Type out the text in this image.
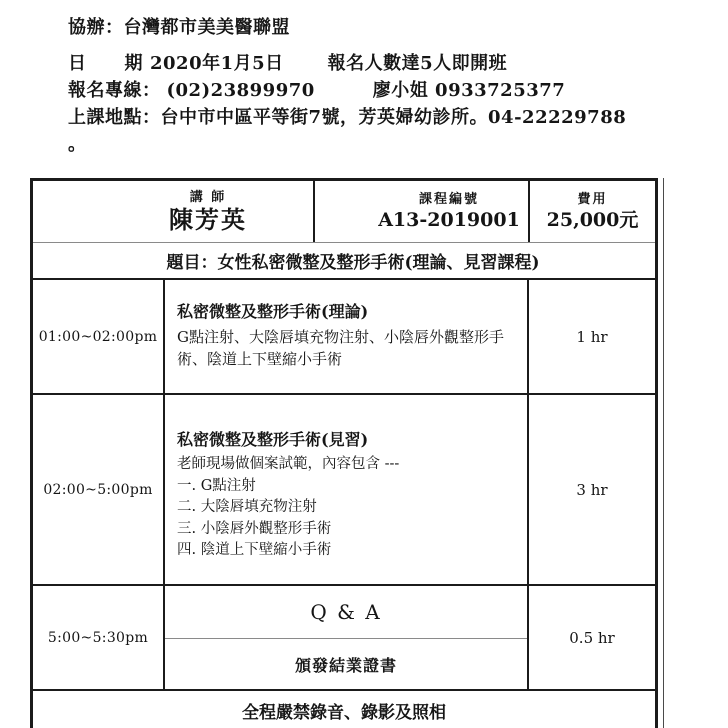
協辦：台灣都市美美醫聯盟
日 期 2020年1月5日 報名人數達5人即開班
報名專線： (02)23899970	廖小姐 0933725377
上課地點：台中市中區平等街7號，芳英婦幼診所。04-22229788
。
講 師
陳芳英
課程編號
A13-2019001
費用
25,000元
題目：女性私密微整及整形手術(理論、見習課程)
01:00~02:00pm
私密微整及整形手術(理論)
G點注射、大陰唇填充物注射、小陰唇外觀整形手術、陰道上下壁縮小手術
1 hr
02:00~5:00pm
私密微整及整形手術(見習)
老師現場做個案試範，內容包含 ---
一. G點注射
二. 大陰唇填充物注射
三. 小陰唇外觀整形手術
四. 陰道上下壁縮小手術
3 hr
5:00~5:30pm
Q & A
頒發結業證書
0.5 hr
全程嚴禁錄音、錄影及照相
